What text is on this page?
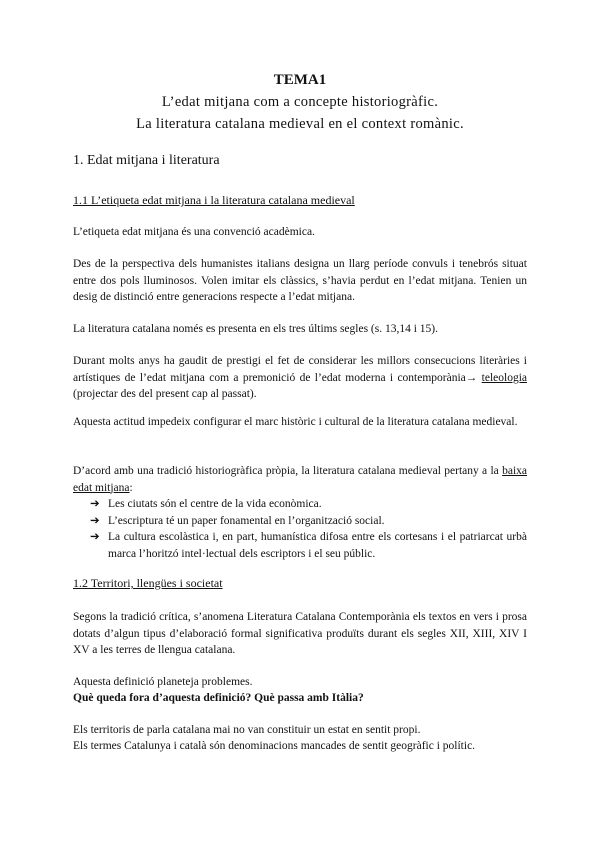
TEMA1
L’edat mitjana com a concepte historiogràfic.
La literatura catalana medieval en el context romànic.
1. Edat mitjana i literatura
1.1 L’etiqueta edat mitjana i la literatura catalana medieval
L’etiqueta edat mitjana és una convenció acadèmica.
Des de la perspectiva dels humanistes italians designa un llarg període convuls i tenebrós situat entre dos pols lluminosos. Volen imitar els clàssics, s’havia perdut en l’edat mitjana. Tenien un desig de distinció entre generacions respecte a l’edat mitjana.
La literatura catalana només es presenta en els tres últims segles (s. 13,14 i 15).
Durant molts anys ha gaudit de prestigi el fet de considerar les millors consecucions literàries i artístiques de l’edat mitjana com a premonició de l’edat moderna i contemporània→ teleologia (projectar des del present cap al passat).
Aquesta actitud impedeix configurar el marc històric i cultural de la literatura catalana medieval.
D’acord amb una tradició historiogràfica pròpia, la literatura catalana medieval pertany a la baixa edat mitjana:
➔ Les ciutats són el centre de la vida econòmica.
➔ L’escriptura té un paper fonamental en l’organització social.
➔ La cultura escolàstica i, en part, humanística difosa entre els cortesans i el patriarcat urbà marca l’horitzó intel·lectual dels escriptors i el seu públic.
1.2 Territori, llengües i societat
Segons la tradició crítica, s’anomena Literatura Catalana Contemporània els textos en vers i prosa dotats d’algun tipus d’elaboració formal significativa produïts durant els segles XII, XIII, XIV I XV a les terres de llengua catalana.
Aquesta definició planeteja problemes.
Què queda fora d’aquesta definició? Què passa amb Itàlia?
Els territoris de parla catalana mai no van constituir un estat en sentit propi.
Els termes Catalunya i català són denominacions mancades de sentit geogràfic i polític.
